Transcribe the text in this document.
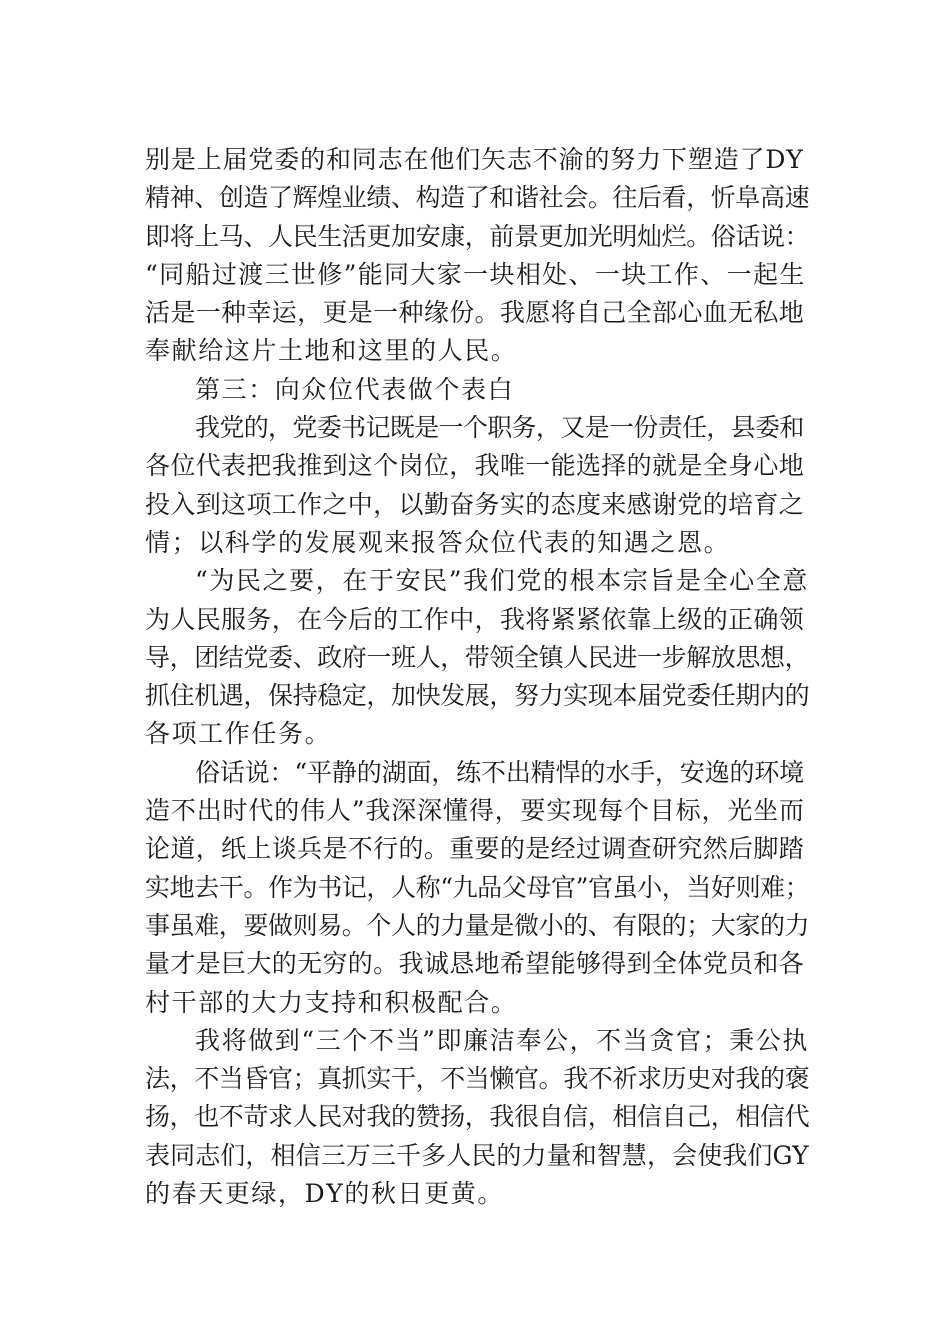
别是上届党委的和同志在他们矢志不渝的努力下塑造了DY
精神、创造了辉煌业绩、构造了和谐社会。往后看，忻阜高速
即将上马、人民生活更加安康，前景更加光明灿烂。俗话说：
“同船过渡三世修”能同大家一块相处、一块工作、一起生
活是一种幸运，更是一种缘份。我愿将自己全部心血无私地
奉献给这片土地和这里的人民。
第三：向众位代表做个表白
我党的，党委书记既是一个职务，又是一份责任，县委和
各位代表把我推到这个岗位，我唯一能选择的就是全身心地
投入到这项工作之中，以勤奋务实的态度来感谢党的培育之
情；以科学的发展观来报答众位代表的知遇之恩。
“为民之要，在于安民”我们党的根本宗旨是全心全意
为人民服务，在今后的工作中，我将紧紧依靠上级的正确领
导，团结党委、政府一班人，带领全镇人民进一步解放思想，
抓住机遇，保持稳定，加快发展，努力实现本届党委任期内的
各项工作任务。
俗话说：“平静的湖面，练不出精悍的水手，安逸的环境
造不出时代的伟人”我深深懂得，要实现每个目标，光坐而
论道，纸上谈兵是不行的。重要的是经过调查研究然后脚踏
实地去干。作为书记，人称“九品父母官”官虽小，当好则难；
事虽难，要做则易。个人的力量是微小的、有限的；大家的力
量才是巨大的无穷的。我诚恳地希望能够得到全体党员和各
村干部的大力支持和积极配合。
我将做到“三个不当”即廉洁奉公，不当贪官；秉公执
法，不当昏官；真抓实干，不当懒官。我不祈求历史对我的褒
扬，也不苛求人民对我的赞扬，我很自信，相信自己，相信代
表同志们，相信三万三千多人民的力量和智慧，会使我们GY
的春天更绿，DY的秋日更黄。
